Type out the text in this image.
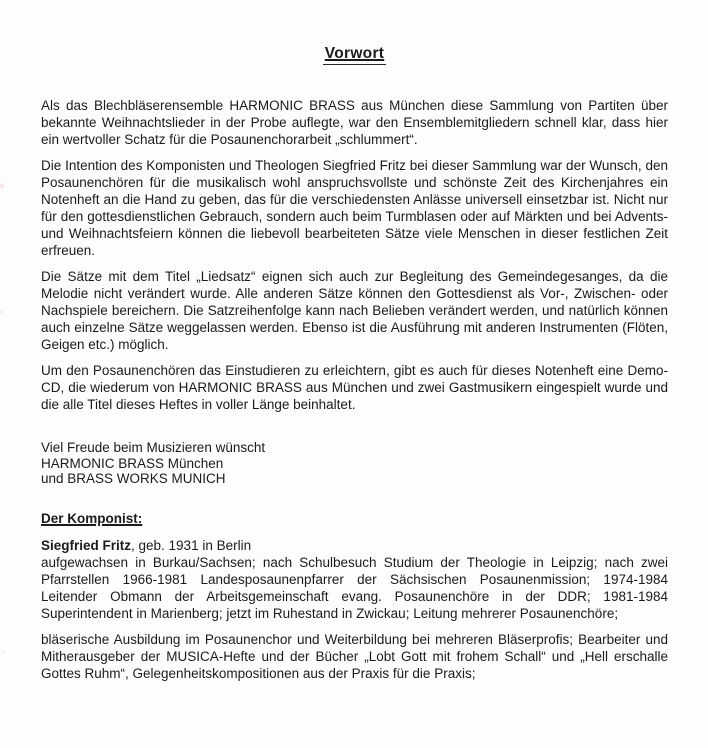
Vorwort

Als das Blechbläserensemble HARMONIC BRASS aus München diese Sammlung von Partiten über bekannte Weihnachtslieder in der Probe auflegte, war den Ensemblemitgliedern schnell klar, dass hier ein wertvoller Schatz für die Posaunenchorarbeit „schlummert“.

Die Intention des Komponisten und Theologen Siegfried Fritz bei dieser Sammlung war der Wunsch, den Posaunenchören für die musikalisch wohl anspruchsvollste und schönste Zeit des Kirchenjahres ein Notenheft an die Hand zu geben, das für die verschiedensten Anlässe universell einsetzbar ist. Nicht nur für den gottesdienstlichen Gebrauch, sondern auch beim Turmblasen oder auf Märkten und bei Advents- und Weihnachtsfeiern können die liebevoll bearbeiteten Sätze viele Menschen in dieser festlichen Zeit erfreuen.

Die Sätze mit dem Titel „Liedsatz“ eignen sich auch zur Begleitung des Gemeindegesanges, da die Melodie nicht verändert wurde. Alle anderen Sätze können den Gottesdienst als Vor-, Zwischen- oder Nachspiele bereichern. Die Satzreihenfolge kann nach Belieben verändert werden, und natürlich können auch einzelne Sätze weggelassen werden. Ebenso ist die Ausführung mit anderen Instrumenten (Flöten, Geigen etc.) möglich.

Um den Posaunenchören das Einstudieren zu erleichtern, gibt es auch für dieses Notenheft eine Demo-CD, die wiederum von HARMONIC BRASS aus München und zwei Gastmusikern eingespielt wurde und die alle Titel dieses Heftes in voller Länge beinhaltet.

Viel Freude beim Musizieren wünscht
HARMONIC BRASS München
und BRASS WORKS MUNICH
Der Komponist:

Siegfried Fritz, geb. 1931 in Berlin

aufgewachsen in Burkau/Sachsen; nach Schulbesuch Studium der Theologie in Leipzig; nach zwei Pfarrstellen 1966-1981 Landesposaunenpfarrer der Sächsischen Posaunenmission; 1974-1984 Leitender Obmann der Arbeitsgemeinschaft evang. Posaunenchöre in der DDR; 1981-1984 Superintendent in Marienberg; jetzt im Ruhestand in Zwickau; Leitung mehrerer Posaunenchöre;

bläserische Ausbildung im Posaunenchor und Weiterbildung bei mehreren Bläserprofis; Bearbeiter und Mitherausgeber der MUSICA-Hefte und der Bücher „Lobt Gott mit frohem Schall“ und „Hell erschalle Gottes Ruhm“, Gelegenheitskompositionen aus der Praxis für die Praxis;
